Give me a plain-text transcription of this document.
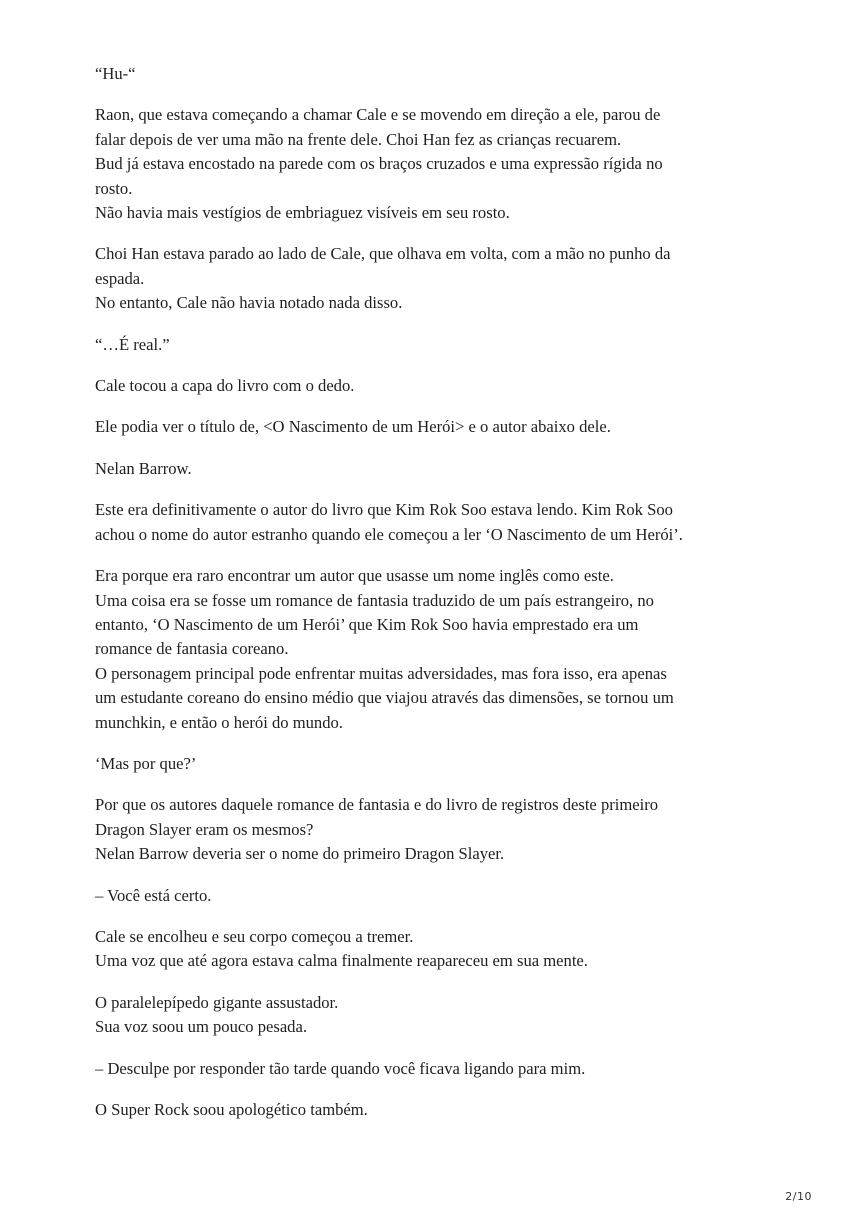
“Hu-“

Raon, que estava começando a chamar Cale e se movendo em direção a ele, parou de
falar depois de ver uma mão na frente dele. Choi Han fez as crianças recuarem.
Bud já estava encostado na parede com os braços cruzados e uma expressão rígida no
rosto.
Não havia mais vestígios de embriaguez visíveis em seu rosto.

Choi Han estava parado ao lado de Cale, que olhava em volta, com a mão no punho da
espada.
No entanto, Cale não havia notado nada disso.

“…É real.”

Cale tocou a capa do livro com o dedo.

Ele podia ver o título de, <O Nascimento de um Herói> e o autor abaixo dele.

Nelan Barrow.

Este era definitivamente o autor do livro que Kim Rok Soo estava lendo. Kim Rok Soo
achou o nome do autor estranho quando ele começou a ler ‘O Nascimento de um Herói’.

Era porque era raro encontrar um autor que usasse um nome inglês como este.
Uma coisa era se fosse um romance de fantasia traduzido de um país estrangeiro, no
entanto, ‘O Nascimento de um Herói’ que Kim Rok Soo havia emprestado era um
romance de fantasia coreano.
O personagem principal pode enfrentar muitas adversidades, mas fora isso, era apenas
um estudante coreano do ensino médio que viajou através das dimensões, se tornou um
munchkin, e então o herói do mundo.

‘Mas por que?’

Por que os autores daquele romance de fantasia e do livro de registros deste primeiro
Dragon Slayer eram os mesmos?
Nelan Barrow deveria ser o nome do primeiro Dragon Slayer.

– Você está certo.

Cale se encolheu e seu corpo começou a tremer.
Uma voz que até agora estava calma finalmente reapareceu em sua mente.

O paralelepípedo gigante assustador.
Sua voz soou um pouco pesada.

– Desculpe por responder tão tarde quando você ficava ligando para mim.

O Super Rock soou apologético também.

2/10
